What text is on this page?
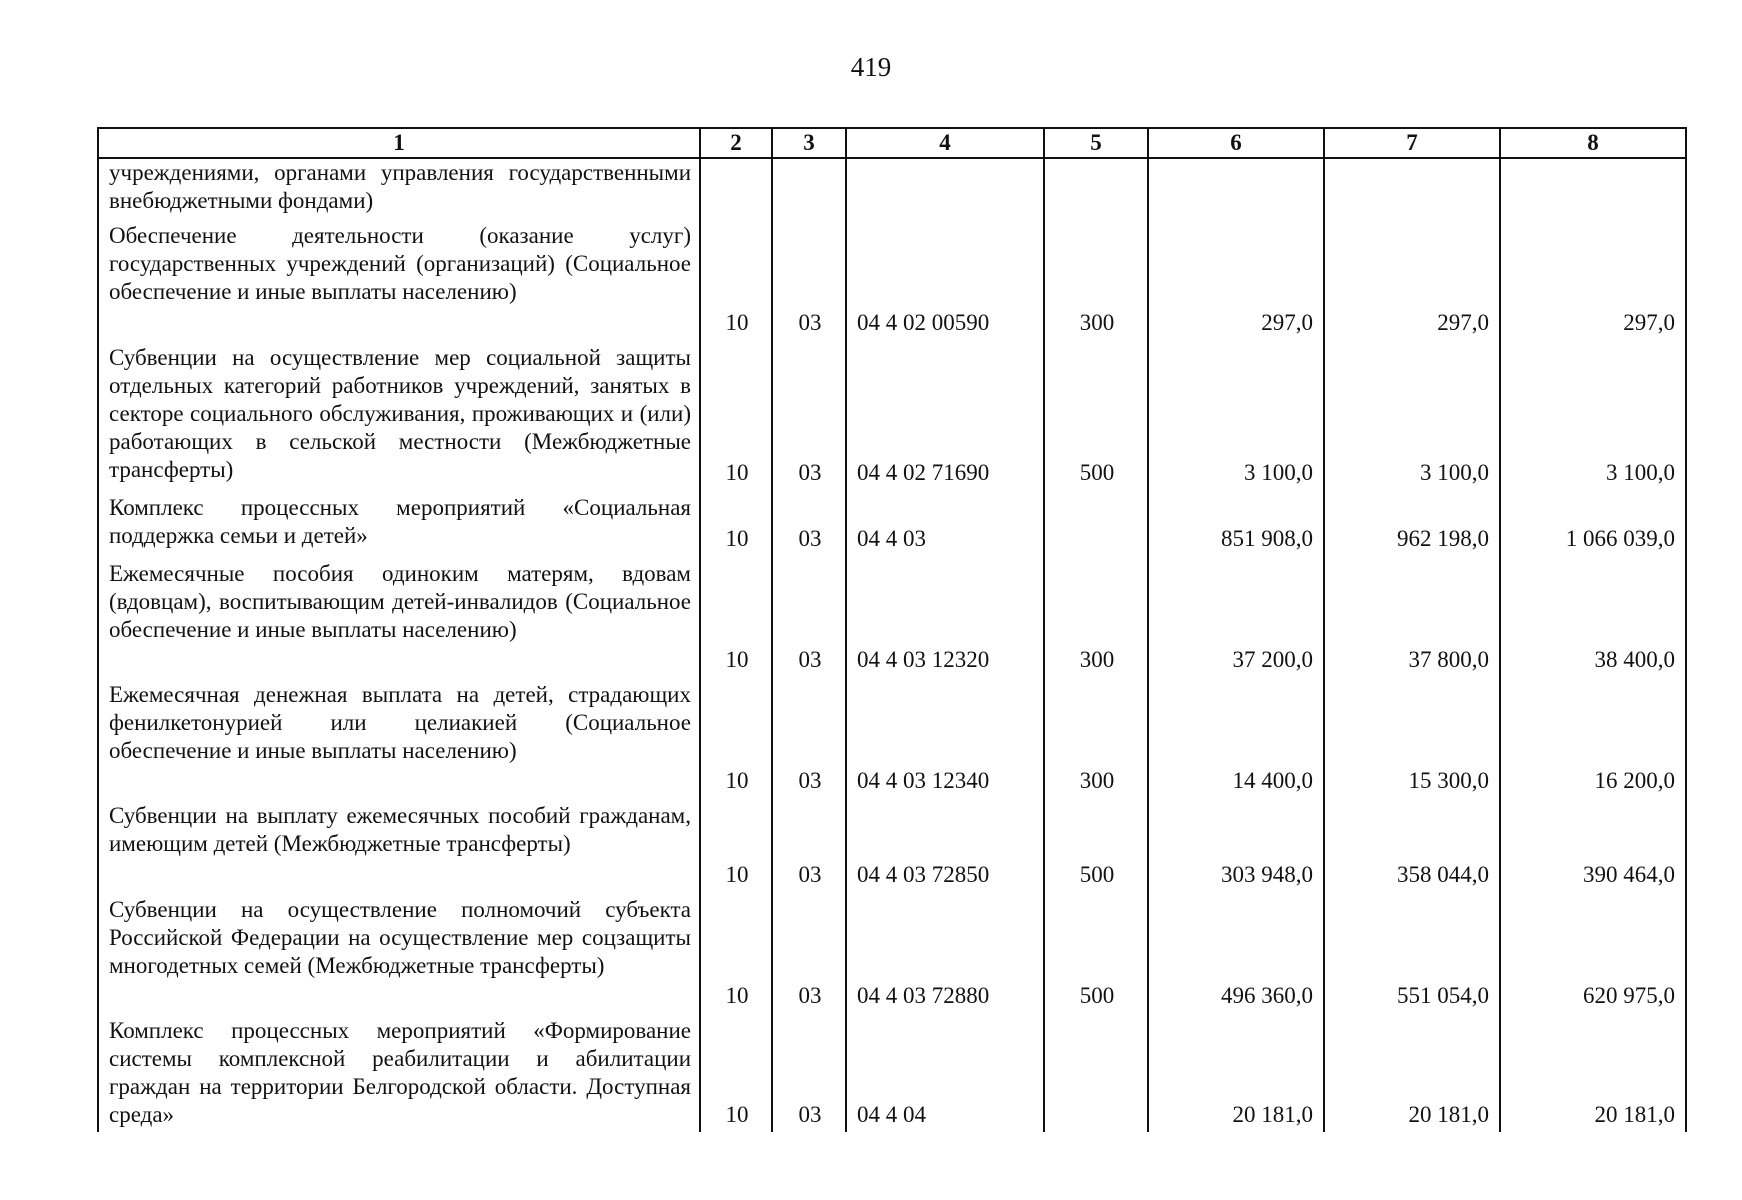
419
1	2	3	4	5	6	7	8
учреждениями, органами управления государственными внебюджетными фондами)							
Обеспечение деятельности (оказание услуг) государственных учреждений (организаций) (Социальное обеспечение и иные выплаты населению)	10	03	04 4 02 00590	300	297,0	297,0	297,0
Субвенции на осуществление мер социальной защиты отдельных категорий работников учреждений, занятых в секторе социального обслуживания, проживающих и (или) работающих в сельской местности (Межбюджетные трансферты)	10	03	04 4 02 71690	500	3 100,0	3 100,0	3 100,0
Комплекс процессных мероприятий «Социальная поддержка семьи и детей»	10	03	04 4 03		851 908,0	962 198,0	1 066 039,0
Ежемесячные пособия одиноким матерям, вдовам (вдовцам), воспитывающим детей-инвалидов (Социальное обеспечение и иные выплаты населению)	10	03	04 4 03 12320	300	37 200,0	37 800,0	38 400,0
Ежемесячная денежная выплата на детей, страдающих фенилкетонурией или целиакией (Социальное обеспечение и иные выплаты населению)	10	03	04 4 03 12340	300	14 400,0	15 300,0	16 200,0
Субвенции на выплату ежемесячных пособий гражданам, имеющим детей (Межбюджетные трансферты)	10	03	04 4 03 72850	500	303 948,0	358 044,0	390 464,0
Субвенции на осуществление полномочий субъекта Российской Федерации на осуществление мер соцзащиты многодетных семей (Межбюджетные трансферты)	10	03	04 4 03 72880	500	496 360,0	551 054,0	620 975,0
Комплекс процессных мероприятий «Формирование системы комплексной реабилитации и абилитации граждан на территории Белгородской области. Доступная среда»	10	03	04 4 04		20 181,0	20 181,0	20 181,0
